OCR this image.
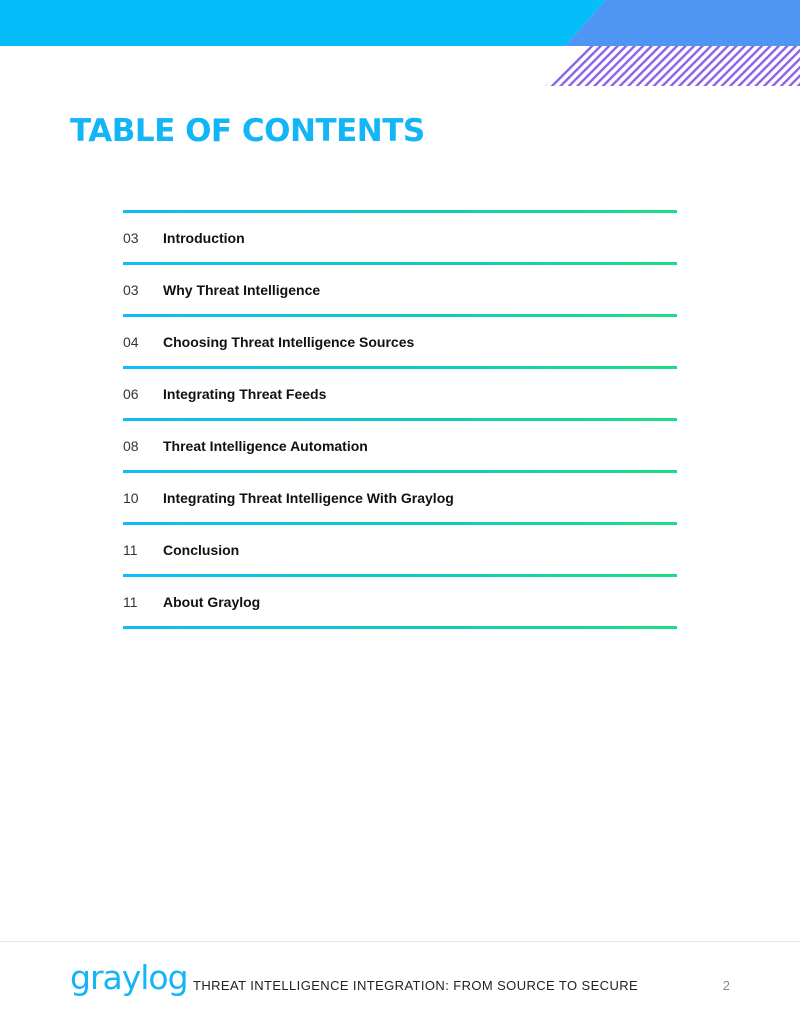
TABLE OF CONTENTS
03	Introduction
03	Why Threat Intelligence
04	Choosing Threat Intelligence Sources
06	Integrating Threat Feeds
08	Threat Intelligence Automation
10	Integrating Threat Intelligence With Graylog
11	Conclusion
11	About Graylog
graylog THREAT INTELLIGENCE INTEGRATION: FROM SOURCE TO SECURE	2
